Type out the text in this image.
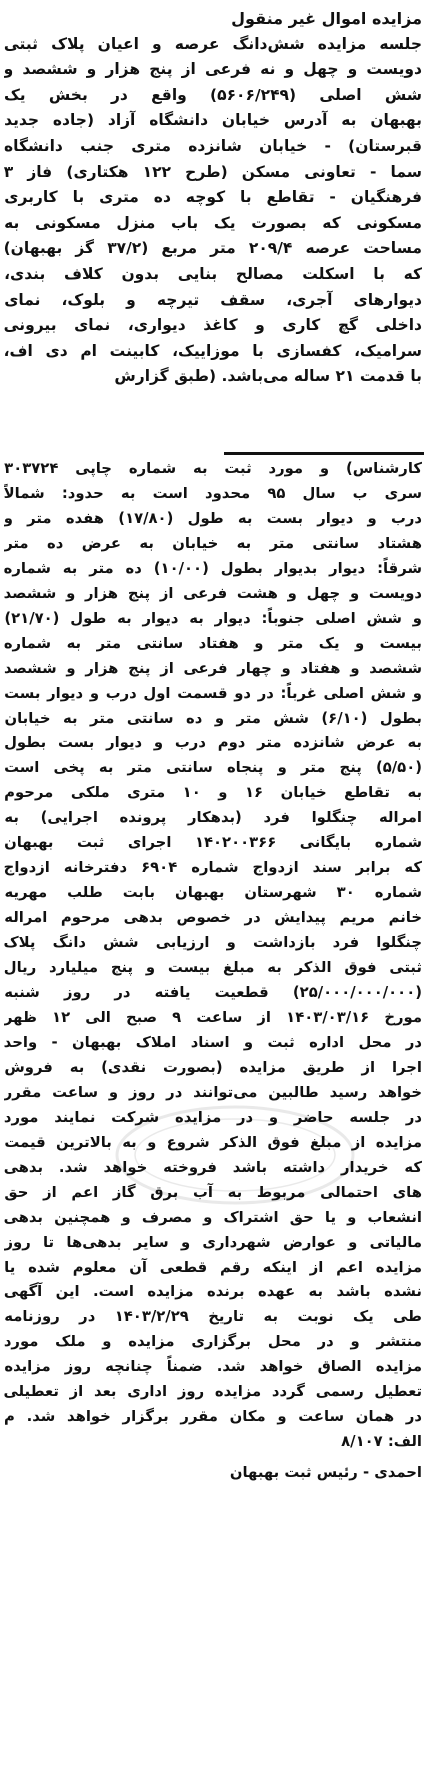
مزایده اموال غیر منقول
جلسه مزایده شش‌دانگ عرصه و اعیان پلاک ثبتی
دویست و چهل و نه فرعی از پنج هزار و ششصد و
شش اصلی (۵۶۰۶/۲۴۹) واقع در بخش یک
بهبهان به آدرس خیابان دانشگاه آزاد (جاده جدید
قبرستان) - خیابان شانزده متری جنب دانشگاه
سما - تعاونی مسکن (طرح ۱۲۲ هکتاری) فاز ۳
فرهنگیان - تقاطع با کوچه ده متری با کاربری
مسکونی که بصورت یک باب منزل مسکونی به
مساحت عرصه ۲۰۹/۴ متر مربع (۳۷/۲ گز بهبهان)
که با اسکلت مصالح بنایی بدون کلاف بندی،
دیوارهای آجری، سقف تیرچه و بلوک، نمای
داخلی گچ کاری و کاغذ دیواری، نمای بیرونی
سرامیک، کفسازی با موزاییک، کابینت ام دی اف،
با قدمت ۲۱ ساله می‌باشد. (طبق گزارش
کارشناس) و مورد ثبت به شماره چاپی ۳۰۳۷۲۴
سری ب سال ۹۵ محدود است به حدود: شمالاً
درب و دیوار بست به طول (۱۷/۸۰) هفده متر و
هشتاد سانتی متر به خیابان به عرض ده متر
شرقاً: دیوار بدیوار بطول (۱۰/۰۰) ده متر به شماره
دویست و چهل و هشت فرعی از پنج هزار و ششصد
و شش اصلی جنوباً: دیوار به دیوار به طول (۲۱/۷۰)
بیست و یک متر و هفتاد سانتی متر به شماره
ششصد و هفتاد و چهار فرعی از پنج هزار و ششصد
و شش اصلی غرباً: در دو قسمت اول درب و دیوار بست
بطول (۶/۱۰) شش متر و ده سانتی متر به خیابان
به عرض شانزده متر دوم درب و دیوار بست بطول
(۵/۵۰) پنج متر و پنجاه سانتی متر به پخی است
به تقاطع خیابان ۱۶ و ۱۰ متری ملکی مرحوم
امراله چنگلوا فرد (بدهکار پرونده اجرایی) به
شماره بایگانی ۱۴۰۲۰۰۳۶۶ اجرای ثبت بهبهان
که برابر سند ازدواج شماره ۶۹۰۴ دفترخانه ازدواج
شماره ۳۰ شهرستان بهبهان بابت طلب مهریه
خانم مریم پیدایش در خصوص بدهی مرحوم امراله
چنگلوا فرد بازداشت و ارزیابی شش دانگ پلاک
ثبتی فوق الذکر به مبلغ بیست و پنج میلیارد ریال
(۲۵/۰۰۰/۰۰۰/۰۰۰) قطعیت یافته در روز شنبه
مورخ ۱۴۰۳/۰۳/۱۶ از ساعت ۹ صبح الی ۱۲ ظهر
در محل اداره ثبت و اسناد املاک بهبهان - واحد
اجرا از طریق مزایده (بصورت نقدی) به فروش
خواهد رسید طالبین می‌توانند در روز و ساعت مقرر
در جلسه حاضر و در مزایده شرکت نمایند مورد
مزایده از مبلغ فوق الذکر شروع و به بالاترین قیمت
که خریدار داشته باشد فروخته خواهد شد. بدهی
های احتمالی مربوط به آب برق گاز اعم از حق
انشعاب و یا حق اشتراک و مصرف و همچنین بدهی
مالیاتی و عوارض شهرداری و سایر بدهی‌ها تا روز
مزایده اعم از اینکه رقم قطعی آن معلوم شده یا
نشده باشد به عهده برنده مزایده است. این آگهی
طی یک نوبت به تاریخ ۱۴۰۳/۲/۲۹ در روزنامه
منتشر و در محل برگزاری مزایده و ملک مورد
مزایده الصاق خواهد شد. ضمناً چنانچه روز مزایده
تعطیل رسمی گردد مزایده روز اداری بعد از تعطیلی
در همان ساعت و مکان مقرر برگزار خواهد شد. م
الف: ۸/۱۰۷
احمدی - رئیس ثبت بهبهان
